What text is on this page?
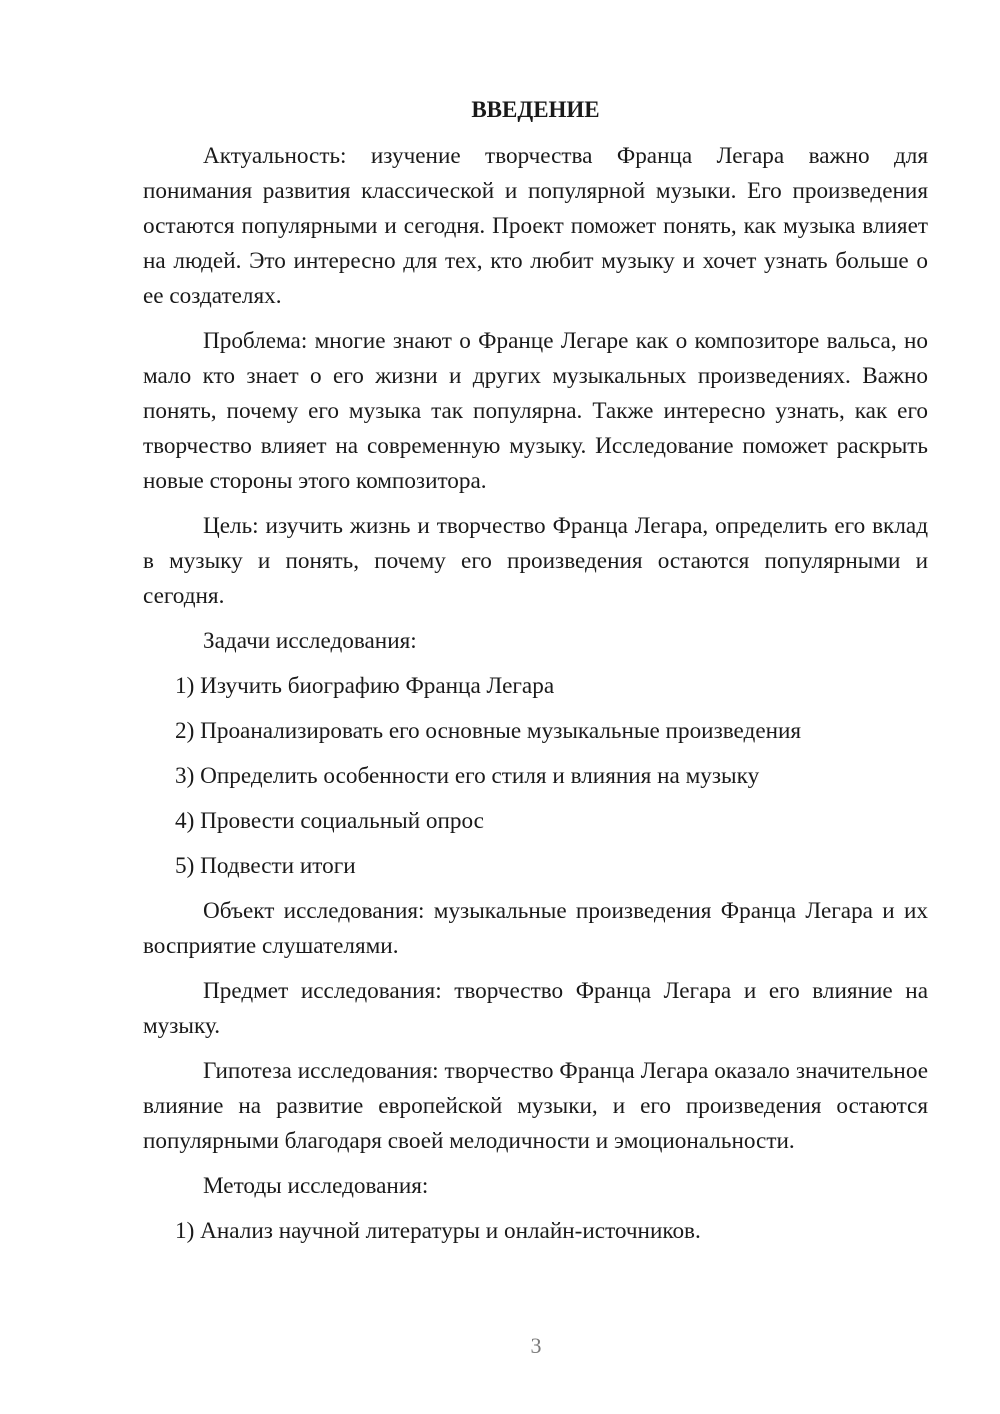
ВВЕДЕНИЕ

Актуальность: изучение творчества Франца Легара важно для понимания развития классической и популярной музыки. Его произведения остаются популярными и сегодня. Проект поможет понять, как музыка влияет на людей. Это интересно для тех, кто любит музыку и хочет узнать больше о ее создателях.

Проблема: многие знают о Франце Легаре как о композиторе вальса, но мало кто знает о его жизни и других музыкальных произведениях. Важно понять, почему его музыка так популярна. Также интересно узнать, как его творчество влияет на современную музыку. Исследование поможет раскрыть новые стороны этого композитора.

Цель: изучить жизнь и творчество Франца Легара, определить его вклад в музыку и понять, почему его произведения остаются популярными и сегодня.

Задачи исследования:

1) Изучить биографию Франца Легара
2) Проанализировать его основные музыкальные произведения
3) Определить особенности его стиля и влияния на музыку
4) Провести социальный опрос
5) Подвести итоги

Объект исследования: музыкальные произведения Франца Легара и их восприятие слушателями.

Предмет исследования: творчество Франца Легара и его влияние на музыку.

Гипотеза исследования: творчество Франца Легара оказало значительное влияние на развитие европейской музыки, и его произведения остаются популярными благодаря своей мелодичности и эмоциональности.

Методы исследования:

1) Анализ научной литературы и онлайн-источников.
3
